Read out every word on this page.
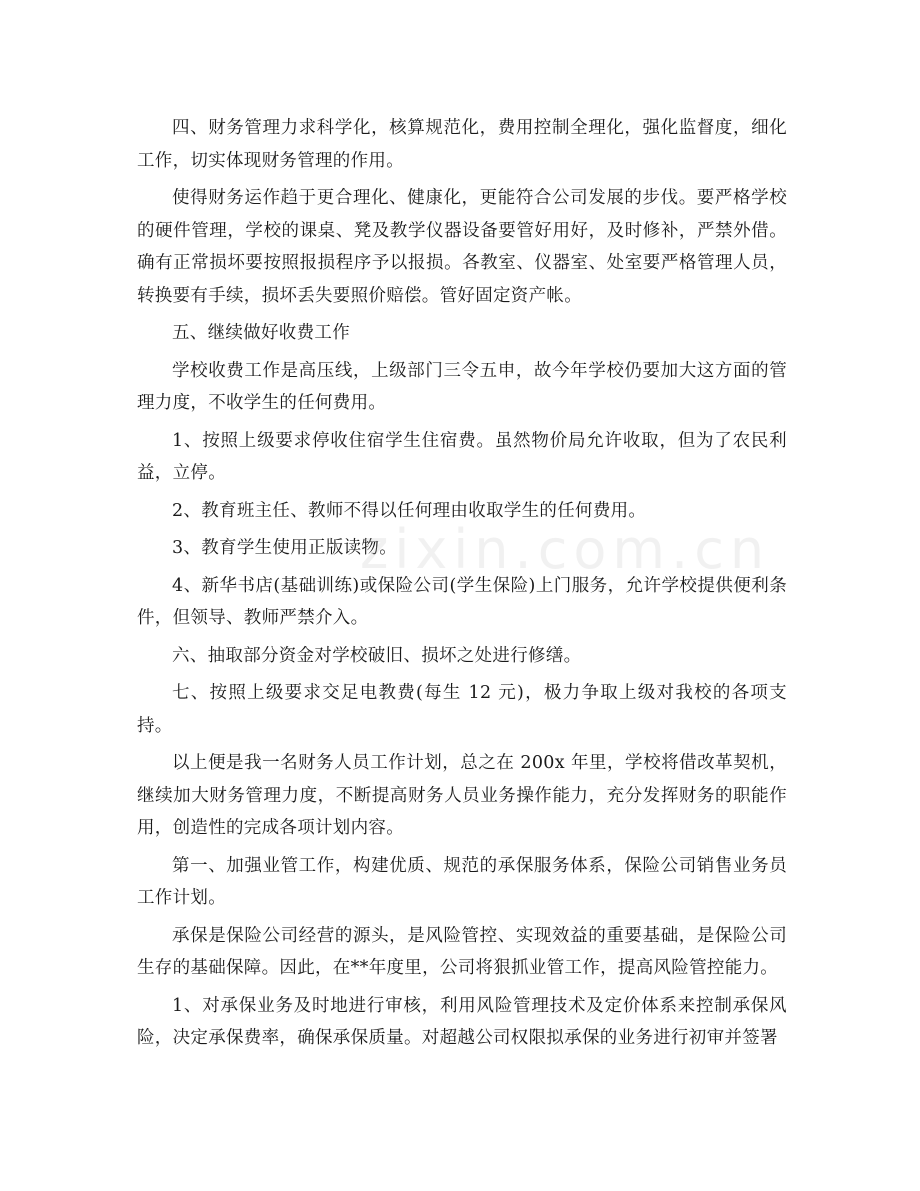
四、财务管理力求科学化，核算规范化，费用控制全理化，强化监督度，细化工作，切实体现财务管理的作用。

使得财务运作趋于更合理化、健康化，更能符合公司发展的步伐。要严格学校的硬件管理，学校的课桌、凳及教学仪器设备要管好用好，及时修补，严禁外借。确有正常损坏要按照报损程序予以报损。各教室、仪器室、处室要严格管理人员，转换要有手续，损坏丢失要照价赔偿。管好固定资产帐。

五、继续做好收费工作

学校收费工作是高压线，上级部门三令五申，故今年学校仍要加大这方面的管理力度，不收学生的任何费用。

1、按照上级要求停收住宿学生住宿费。虽然物价局允许收取，但为了农民利益，立停。

2、教育班主任、教师不得以任何理由收取学生的任何费用。

3、教育学生使用正版读物。

4、新华书店(基础训练)或保险公司(学生保险)上门服务，允许学校提供便利条件，但领导、教师严禁介入。

六、抽取部分资金对学校破旧、损坏之处进行修缮。

七、按照上级要求交足电教费(每生 12 元)，极力争取上级对我校的各项支持。

以上便是我一名财务人员工作计划，总之在 200x 年里，学校将借改革契机，继续加大财务管理力度，不断提高财务人员业务操作能力，充分发挥财务的职能作用，创造性的完成各项计划内容。

第一、加强业管工作，构建优质、规范的承保服务体系，保险公司销售业务员工作计划。

承保是保险公司经营的源头，是风险管控、实现效益的重要基础，是保险公司生存的基础保障。因此，在**年度里，公司将狠抓业管工作，提高风险管控能力。

1、对承保业务及时地进行审核，利用风险管理技术及定价体系来控制承保风险，决定承保费率，确保承保质量。对超越公司权限拟承保的业务进行初审并签署

zixin.com.cn
